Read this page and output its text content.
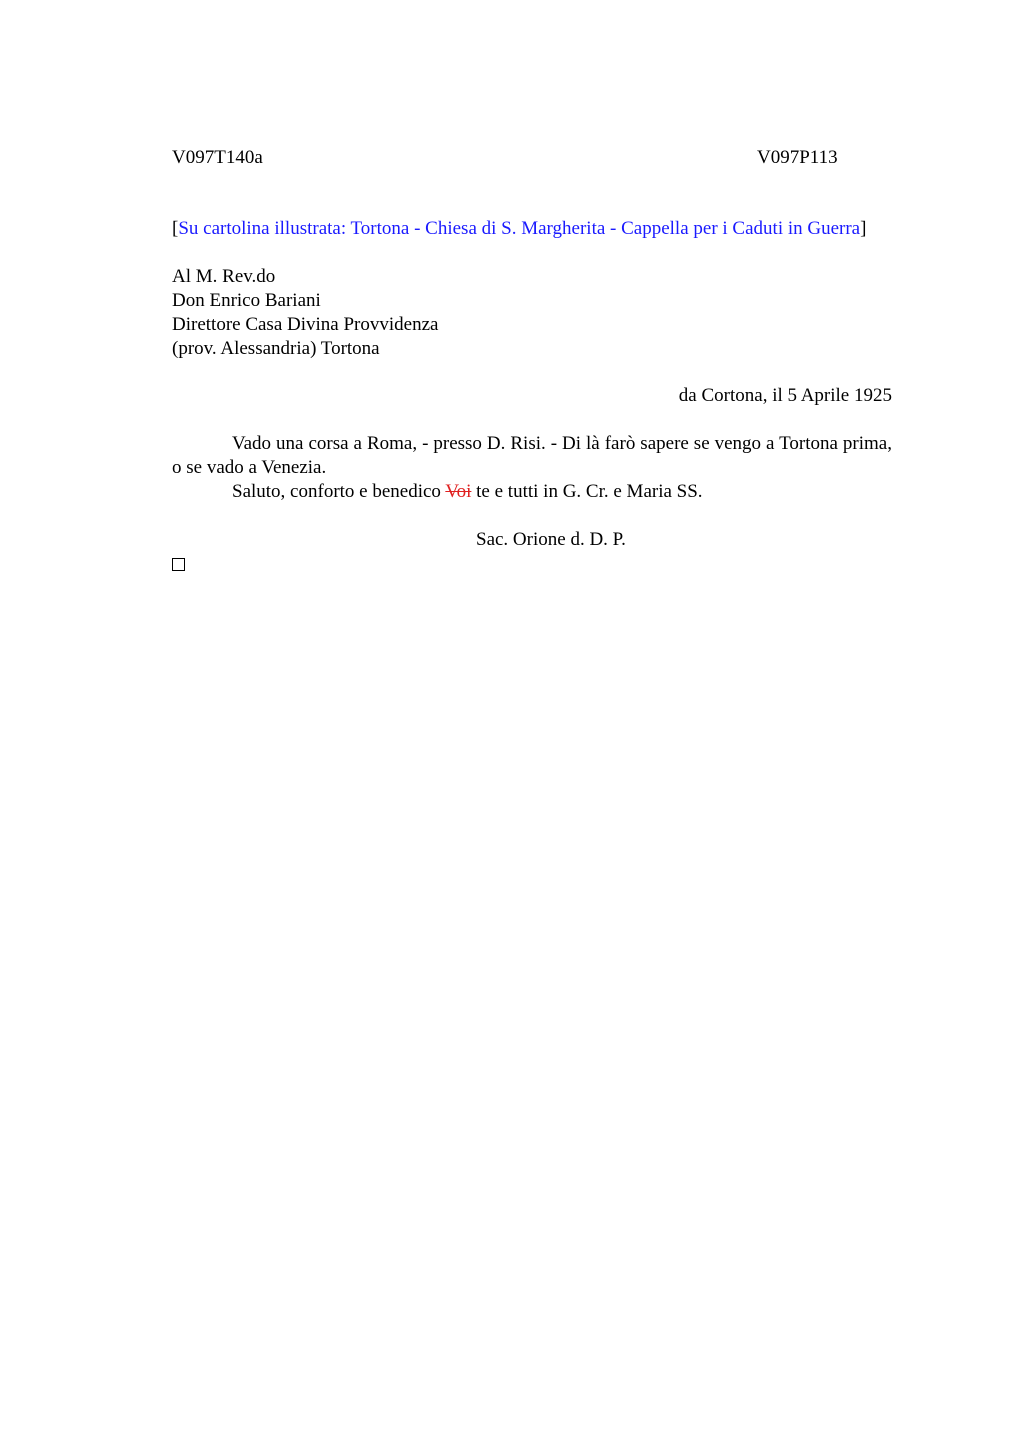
V097T140a	V097P113
[Su cartolina illustrata: Tortona - Chiesa di S. Margherita - Cappella per i Caduti in Guerra]
Al M. Rev.do
Don Enrico Bariani
Direttore Casa Divina Provvidenza
(prov. Alessandria) Tortona
da Cortona, il 5 Aprile 1925
Vado una corsa a Roma, - presso D. Risi. - Di là farò sapere se vengo a Tortona prima, o se vado a Venezia.
Saluto, conforto e benedico Voi te e tutti in G. Cr. e Maria SS.
Sac. Orione d. D. P.
